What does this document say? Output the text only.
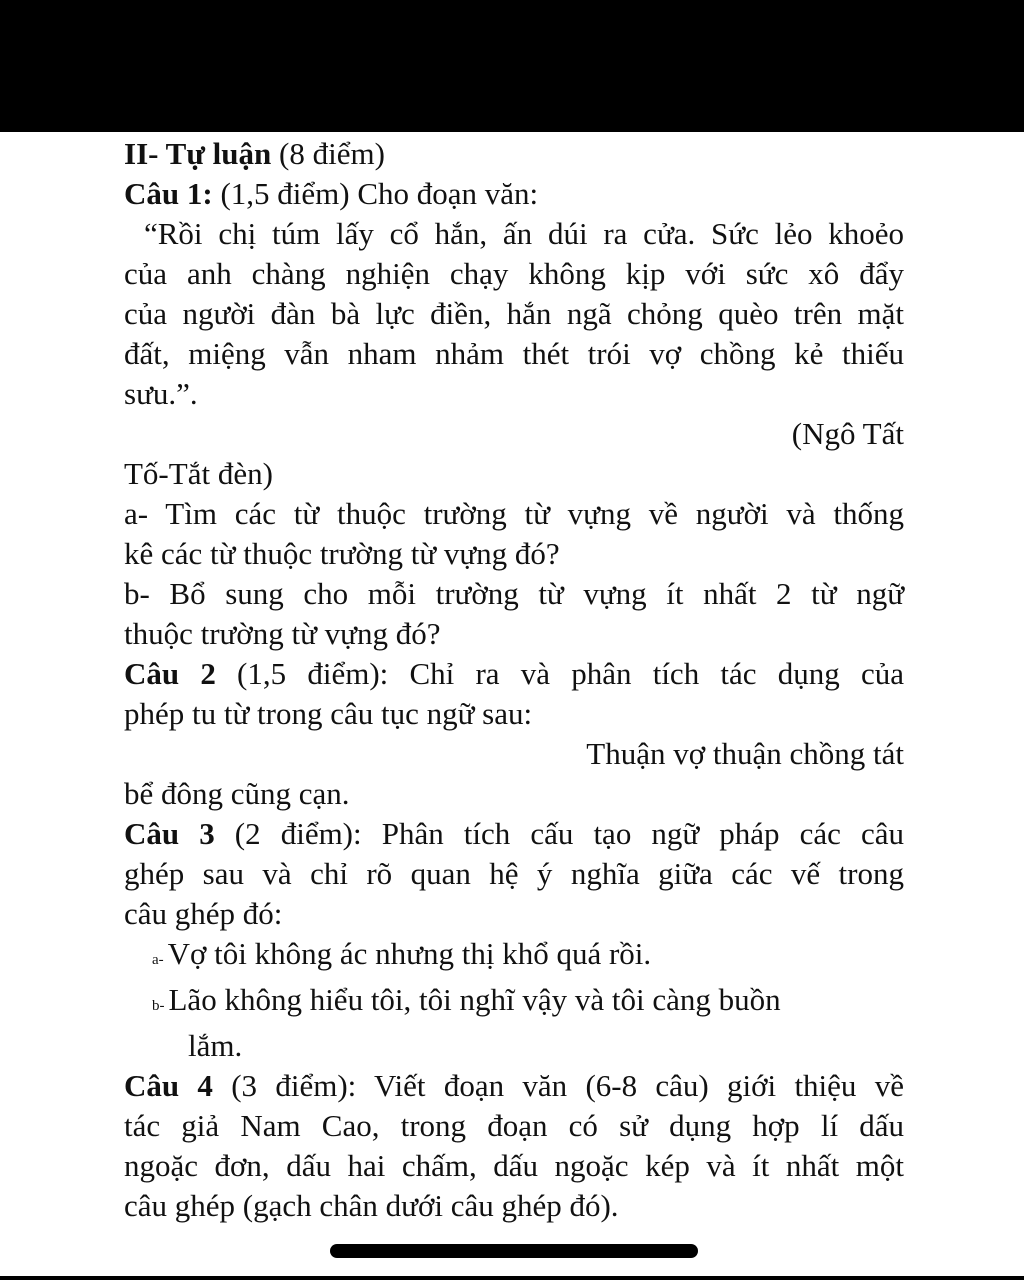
II- Tự luận (8 điểm)
Câu 1: (1,5 điểm) Cho đoạn văn:
“Rồi chị túm lấy cổ hắn, ấn dúi ra cửa. Sức lẻo khoẻo
của anh chàng nghiện chạy không kịp với sức xô đẩy
của người đàn bà lực điền, hắn ngã chỏng quèo trên mặt
đất, miệng vẫn nham nhảm thét trói vợ chồng kẻ thiếu
sưu.”.
(Ngô Tất
Tố-Tắt đèn)
a- Tìm các từ thuộc trường từ vựng về người và thống
kê các từ thuộc trường từ vựng đó?
b- Bổ sung cho mỗi trường từ vựng ít nhất 2 từ ngữ
thuộc trường từ vựng đó?
Câu 2 (1,5 điểm): Chỉ ra và phân tích tác dụng của
phép tu từ trong câu tục ngữ sau:
Thuận vợ thuận chồng tát
bể đông cũng cạn.
Câu 3 (2 điểm): Phân tích cấu tạo ngữ pháp các câu
ghép sau và chỉ rõ quan hệ ý nghĩa giữa các vế trong
câu ghép đó:
a- Vợ tôi không ác nhưng thị khổ quá rồi.
b- Lão không hiểu tôi, tôi nghĩ vậy và tôi càng buồn
lắm.
Câu 4 (3 điểm): Viết đoạn văn (6-8 câu) giới thiệu về
tác giả Nam Cao, trong đoạn có sử dụng hợp lí dấu
ngoặc đơn, dấu hai chấm, dấu ngoặc kép và ít nhất một
câu ghép (gạch chân dưới câu ghép đó).
